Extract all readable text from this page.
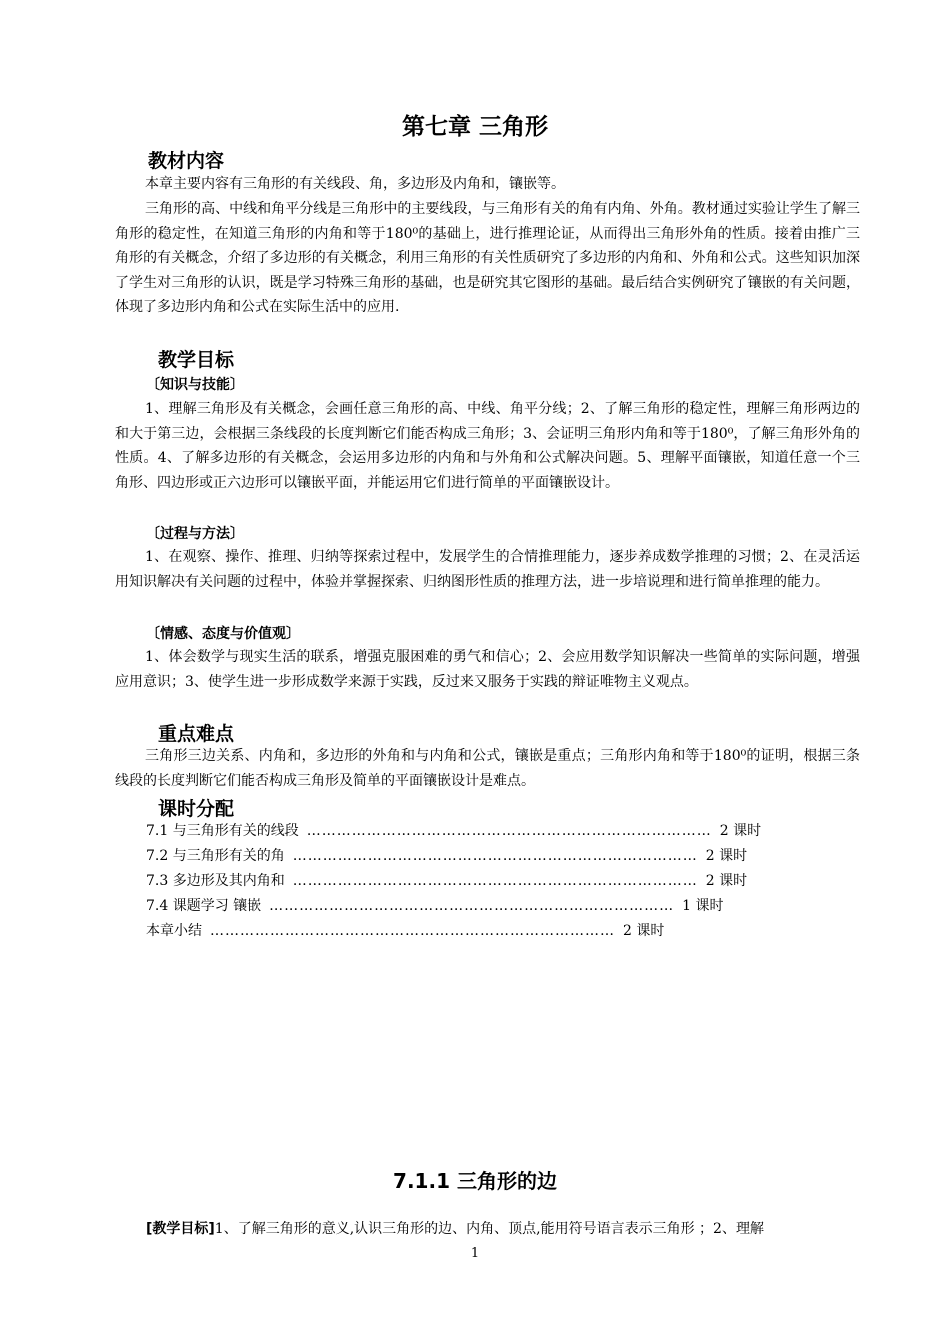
第七章 三角形
教材内容
本章主要内容有三角形的有关线段、角，多边形及内角和，镶嵌等。
三角形的高、中线和角平分线是三角形中的主要线段，与三角形有关的角有内角、外角。教材通过实验让学生了解三角形的稳定性，在知道三角形的内角和等于180⁰的基础上，进行推理论证，从而得出三角形外角的性质。接着由推广三角形的有关概念，介绍了多边形的有关概念，利用三角形的有关性质研究了多边形的内角和、外角和公式。这些知识加深了学生对三角形的认识，既是学习特殊三角形的基础，也是研究其它图形的基础。最后结合实例研究了镶嵌的有关问题，体现了多边形内角和公式在实际生活中的应用.
教学目标
〔知识与技能〕
1、理解三角形及有关概念，会画任意三角形的高、中线、角平分线；2、了解三角形的稳定性，理解三角形两边的和大于第三边，会根据三条线段的长度判断它们能否构成三角形；3、会证明三角形内角和等于180⁰，了解三角形外角的性质。4、了解多边形的有关概念，会运用多边形的内角和与外角和公式解决问题。5、理解平面镶嵌，知道任意一个三角形、四边形或正六边形可以镶嵌平面，并能运用它们进行简单的平面镶嵌设计。
〔过程与方法〕
1、在观察、操作、推理、归纳等探索过程中，发展学生的合情推理能力，逐步养成数学推理的习惯；2、在灵活运用知识解决有关问题的过程中，体验并掌握探索、归纳图形性质的推理方法，进一步培说理和进行简单推理的能力。
〔情感、态度与价值观〕
1、体会数学与现实生活的联系，增强克服困难的勇气和信心；2、会应用数学知识解决一些简单的实际问题，增强应用意识；3、使学生进一步形成数学来源于实践，反过来又服务于实践的辩证唯物主义观点。
重点难点
三角形三边关系、内角和，多边形的外角和与内角和公式，镶嵌是重点；三角形内角和等于180⁰的证明，根据三条线段的长度判断它们能否构成三角形及简单的平面镶嵌设计是难点。
课时分配
7.1 与三角形有关的线段 ……………………………………………………………………… 2 课时
7.2 与三角形有关的角 ……………………………………………………………………… 2 课时
7.3 多边形及其内角和 ……………………………………………………………………… 2 课时
7.4 课题学习 镶嵌 ……………………………………………………………………… 1 课时
本章小结 ……………………………………………………………………… 2 课时
7.1.1 三角形的边
[教学目标]1、了解三角形的意义,认识三角形的边、内角、顶点,能用符号语言表示三角形 ；2、理解
1
